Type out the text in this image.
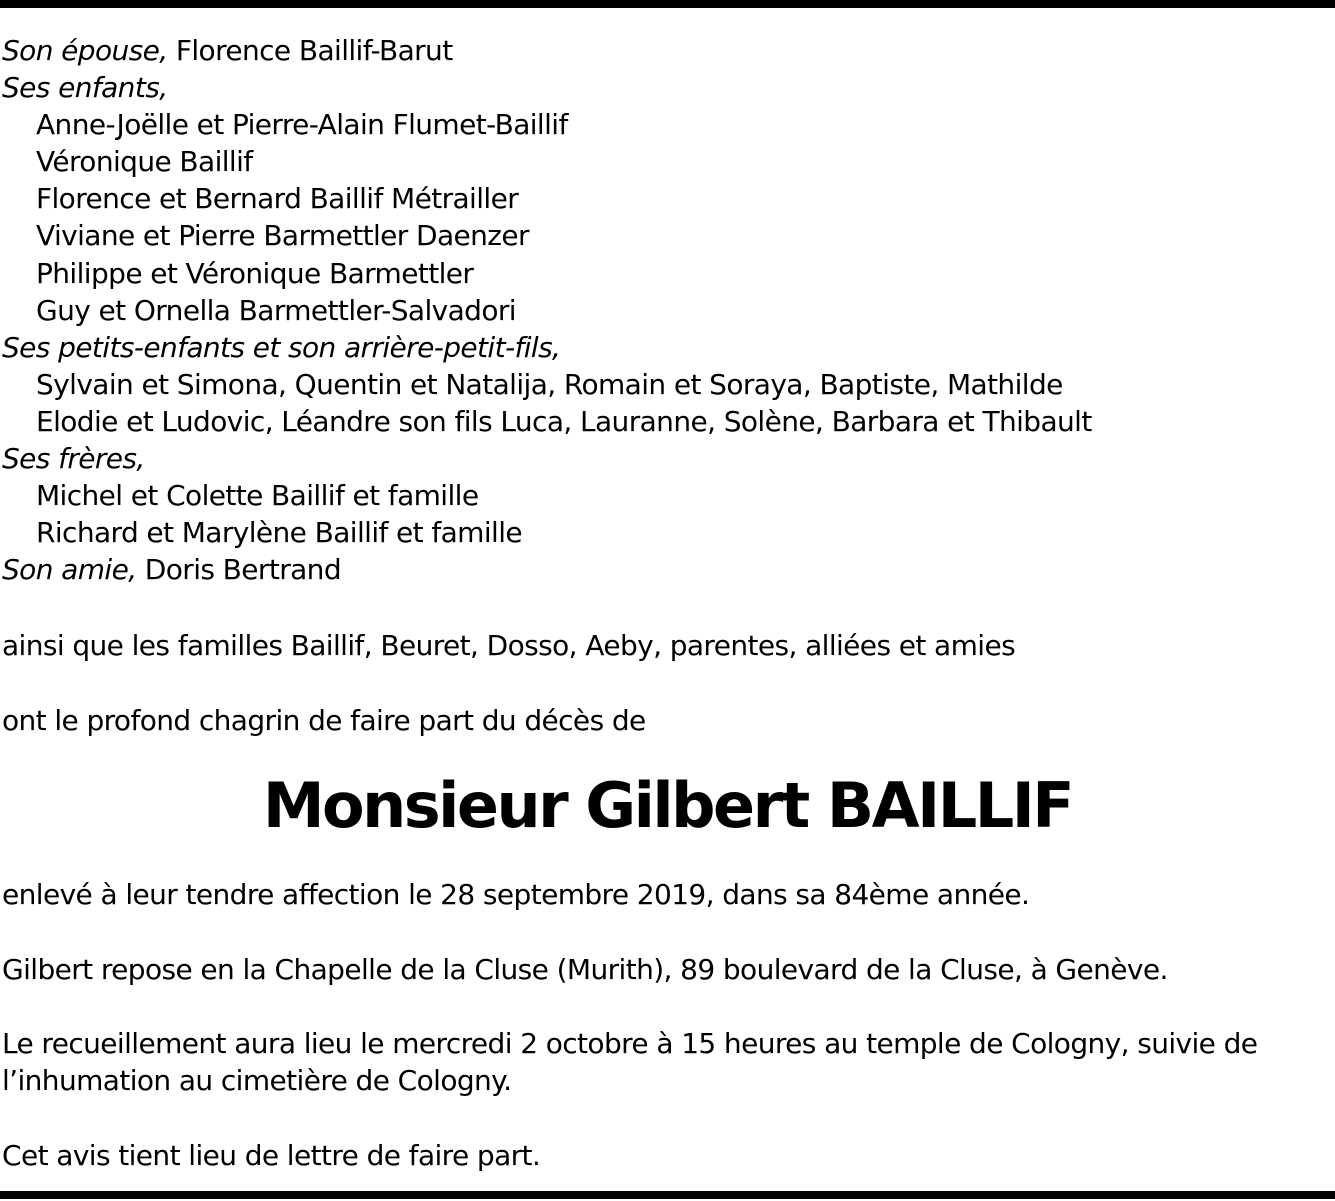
Son épouse, Florence Baillif-Barut
Ses enfants,
Anne-Joëlle et Pierre-Alain Flumet-Baillif
Véronique Baillif
Florence et Bernard Baillif Métrailler
Viviane et Pierre Barmettler Daenzer
Philippe et Véronique Barmettler
Guy et Ornella Barmettler-Salvadori
Ses petits-enfants et son arrière-petit-fils,
Sylvain et Simona, Quentin et Natalija, Romain et Soraya, Baptiste, Mathilde
Elodie et Ludovic, Léandre son fils Luca, Lauranne, Solène, Barbara et Thibault
Ses frères,
Michel et Colette Baillif et famille
Richard et Marylène Baillif et famille
Son amie, Doris Bertrand
ainsi que les familles Baillif, Beuret, Dosso, Aeby, parentes, alliées et amies
ont le profond chagrin de faire part du décès de
Monsieur Gilbert BAILLIF
enlevé à leur tendre affection le 28 septembre 2019, dans sa 84ème année.
Gilbert repose en la Chapelle de la Cluse (Murith), 89 boulevard de la Cluse, à Genève.
Le recueillement aura lieu le mercredi 2 octobre à 15 heures au temple de Cologny, suivie de
l’inhumation au cimetière de Cologny.
Cet avis tient lieu de lettre de faire part.
